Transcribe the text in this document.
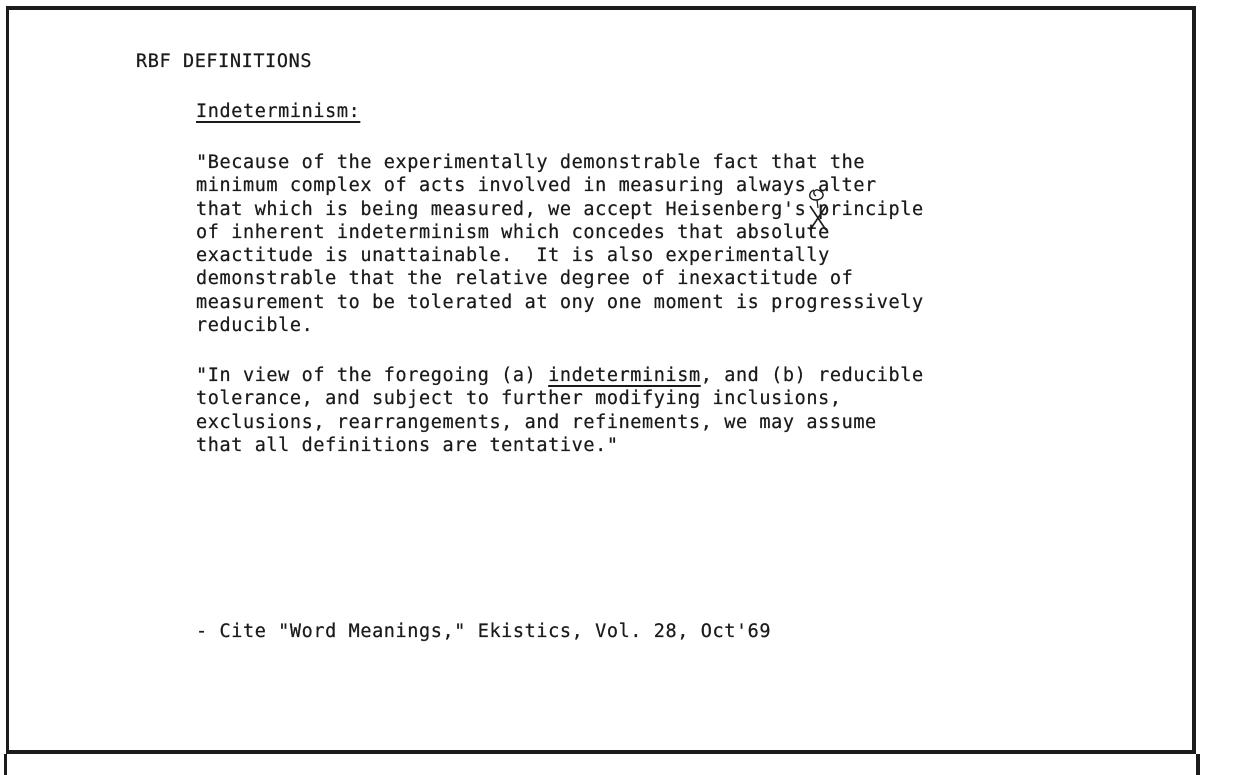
RBF DEFINITIONS
Indeterminism:
"Because of the experimentally demonstrable fact that the
minimum complex of acts involved in measuring always alter
that which is being measured, we accept Heisenberg's principle
of inherent indeterminism which concedes that absolute
exactitude is unattainable.  It is also experimentally
demonstrable that the relative degree of inexactitude of
measurement to be tolerated at ony one moment is progressively
reducible.
"In view of the foregoing (a) indeterminism, and (b) reducible
tolerance, and subject to further modifying inclusions,
exclusions, rearrangements, and refinements, we may assume
that all definitions are tentative."
- Cite "Word Meanings," Ekistics, Vol. 28, Oct'69
